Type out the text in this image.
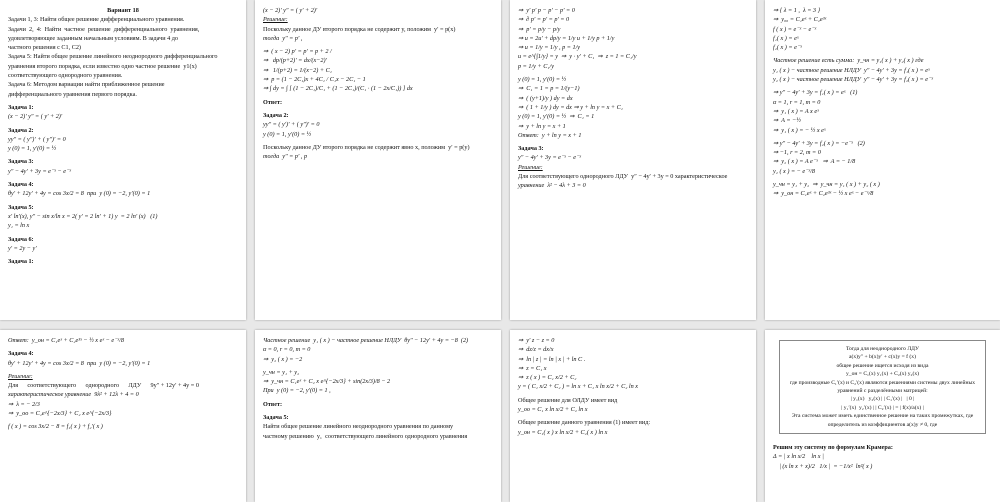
Вариант 18
Задачи 1, 3: Найти общее решение дифференциального уравнения.
Задачи  2,  4:  Найти  частное  решение  дифференциального  уравнения,
удовлетворяющее заданным начальным условиям. В задачи 4 до
частного решения c C1, C2)
Задача 5: Найти общее решение линейного неоднородного дифференциального
уравнения второго порядка, если известно одно частное решение  y1(x)
соответствующего однородного уравнения.
Задача 6: Методом вариации найти приближенное решение
дифференциального уравнения первого порядка.
Задача 1:
(x − 2)′ y″ = ( y′ + 2)′
Задача 2:
yy″ = ( y″)′ + ( y″)′ = 0
y (0) = 1, y′(0) = ½
Задача 3:
y″ − 4y′ + 3y = e⁻ˣ − e⁻ˣ
Задача 4:
θy′ + 12y′ + 4y = cos 3x/2 = 8  при  y (0) = −2, y′(0) = 1
Задача 5:
x′ ln′(x), y″ − sin x/ln x = 2( y′ = 2 ln′ + 1) y  = 2 ln′ (x)   (1)
y₁ = ln x
Задача 6:
y′ = 2y − y′
Задача 1:
(x − 2)′ y″ = ( y′ + 2)′
Решение:
Поскольку данное ДУ второго порядка не содержит y, положим  y′ = p(x)
тогда  y″ = p′ ,
⇒  ( x − 2) p′ = p′ = p + 2 /
⇒   dp/(p+2)′ = dx/(x−2)′
⇒   1/(p+2) = 1/(x−2) + C₁
⇒  p = (1 − 2C₁)x + 4C₁ / C₁x − 2C₁ − 1
⇒ ∫ dy = ∫ [ (1 − 2C₁)/C₁ + (1 − 2C₁)/(C₁ · (1 − 2x/C₁)) ] dx
Ответ:
Задача 2:
yy″ = ( y′)′ + ( y″)′ = 0
y (0) = 1, y′(0) = ½
Поскольку данное ДУ второго порядка не содержит явно x, положим  y′ = p(y)
тогда  y″ = p′ , p
⇒  y′ p′ p − p′ − p′ = 0
⇒  ∂ p′ = p′ = p′ = 0
⇒  p′ = p/y − p/y
⇒ u = 2u′ + dp/y = 1/y u + 1/y p + 1/y
⇒ u = 1/y = 1/y , p = 1/y
u = e^{∫1/y} = y  ⇒  y · y′ + C₁  ⇒  z = 1 = C₁/y
p = 1/y + C₁/y
y (0) = 1, y′(0) = ½
⇒  C₁ = 1 = p = 1/(y−1)
⇒  ( (y+1)/y ) dy = dx
⇒  ( 1 + 1/y ) dy = dx ⇒ y + ln y = x + C₁
y (0) = 1, y′(0) = ½  ⇒  C₁ = 1
⇒  y + ln y = x + 1
Ответ:  y + ln y = x + 1
Задача 3:
y″ − 4y′ + 3y = e⁻ˣ − e⁻ˣ
Решение:
Для соответствующего однородного ЛДУ  y″ − 4y′ + 3y = 0 характеристическое
уравнение  λ² − 4λ + 3 = 0
⇒ { λ = 1 ,  λ = 3 }
⇒  y₀₀ = C₁eˣ + C₂e³ˣ
f ( x ) = e⁻ˣ − e⁻ˣ
f₁( x ) = eˣ
f₂( x ) = e⁻ˣ
Частное решение есть сумма:  y_чн = y₁( x ) + y₂( x ) где
y₁ ( x ) − частное решение НЛДУ  y″ − 4y′ + 3y = f₁( x ) = eˣ
y₂ ( x ) − частное решение НЛДУ  y″ − 4y′ + 3y = f₂( x ) = e⁻ˣ
⇒ y″ − 4y′ + 3y = f₁( x ) = eˣ   (1)
α = 1, r = 1, m = 0
⇒  y₁ ( x ) = A x eˣ
⇒  A = −½
⇒  y₁ ( x ) = − ½ x eˣ
⇒ y″ − 4y′ + 3y = f₂( x ) = −e⁻ˣ   (2)
⇒ −1, r = 2, m = 0
⇒  y₂ ( x ) = A e⁻ˣ   ⇒  A = − 1/8
y₂ ( x ) = − e⁻ˣ/8
y_чн = y₁ + y₂  ⇒  y_чн = y₁ ( x ) + y₂ ( x )
⇒  y_он = C₁eˣ + C₂e³ˣ − ½ x eˣ − e⁻ˣ/8
Ответ:  y_он = C₁eˣ + C₂e³ˣ − ½ x eˣ − e⁻ˣ/8
Задача 4:
θy′ + 12y′ + 4y = cos 3x/2 = 8  при  y (0) = −2, y′(0) = 1
Решение:
Для      соответствующего      однородного      ЛДУ      9y″ + 12y′ + 4y = 0
характеристическое уравнение  9λ² + 12λ + 4 = 0
⇒  λ = − 2/3
⇒  y_оо = C₁e^{−2x/3} + C₂ x e^{−2x/3}
f ( x ) = cos 3x/2 − 8 = f₁( x ) + f₂′( x )
Частное решение  y₁ ( x ) − частное решение НЛДУ  θy″ − 12y′ + 4y = −8  (2)
α = 0, r = 0, m = 0
⇒  y₂ ( x ) = −2
y_чн = y₁ + y₂
⇒  y_чн = C₁eˣ + C₂ x e^{−2x/3} + sin(2x/3)/8 − 2
При  y (0) = −2, y′(0) = 1 ,
Ответ:
Задача 5:
Найти общее решение линейного неоднородного уравнения по данному
частному решению  y₁  соответствующего линейного однородного уравнения
⇒  y′ z − z = 0
⇒  dz/z = dx/x
⇒  ln | z | = ln | x | + ln C .
⇒  z = C₁ x
⇒  z ( x ) = C₁ x/2 + C₂
y = ( C₁ x/2 + C₂ ) = ln x + C₁ x ln x/2 + C₂ ln x
Общее решение для ОЛДУ имеет вид
y_оо = C₁ x ln x/2 + C₂ ln x
Общее решение данного уравнения (1) имеет вид:
y_он = C₁( x ) x ln x/2 + C₂( x ) ln x
Тогда для неоднородного ЛДУ
a(x)y″ + b(x)y′ + c(x)y = f (x)
общее решение ищется исходя из вида
y_он = C₁(x) y₁(x) + C₂(x) y₂(x)
где производные C₁′(x) и C₂′(x) являются решениями системы двух линейных уравнений с разделёнными матрицей:
| y₁(x)   y₂(x) | | C₁′(x) |   | 0 |
| y₁′(x)  y₂′(x) | | C₂′(x) | = | f(x)/a(x) |
Эта система может иметь единственное решение на таких промежутках, где определитель из коэффициентов a(x)y ≠ 0, где
Решим эту систему по формулам Крамера:
Δ = | x ln x/2    ln x |
| (x ln x + x)/2   1/x |  = −1/x²  ln²( x )
